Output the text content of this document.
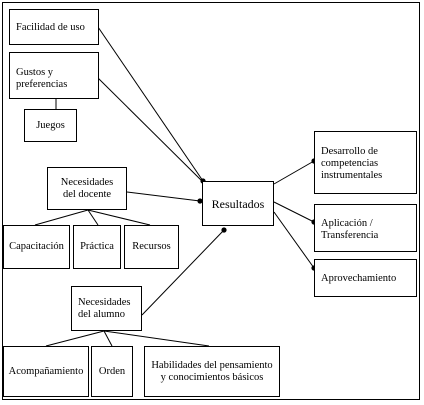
Facilidad de uso
Gustos y
preferencias
Juegos
Necesidades
del docente
Capacitación Práctica Recursos
Resultados
Desarrollo de
competencias
instrumentales
Aplicación /
Transferencia
Aprovechamiento
Necesidades
del alumno
Acompañamiento Orden
Habilidades del pensamiento
y conocimientos básicos
